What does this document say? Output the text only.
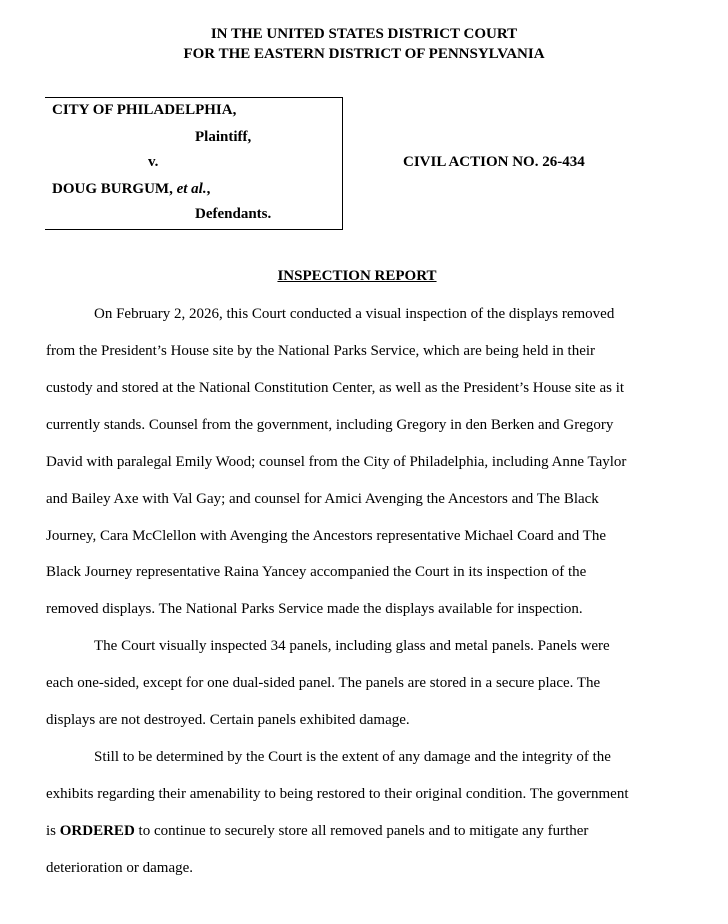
IN THE UNITED STATES DISTRICT COURT
FOR THE EASTERN DISTRICT OF PENNSYLVANIA
CITY OF PHILADELPHIA,
Plaintiff,
v.
DOUG BURGUM, et al.,
Defendants.
CIVIL ACTION NO. 26-434
INSPECTION REPORT
On February 2, 2026, this Court conducted a visual inspection of the displays removed
from the President’s House site by the National Parks Service, which are being held in their
custody and stored at the National Constitution Center, as well as the President’s House site as it
currently stands. Counsel from the government, including Gregory in den Berken and Gregory
David with paralegal Emily Wood; counsel from the City of Philadelphia, including Anne Taylor
and Bailey Axe with Val Gay; and counsel for Amici Avenging the Ancestors and The Black
Journey, Cara McClellon with Avenging the Ancestors representative Michael Coard and The
Black Journey representative Raina Yancey accompanied the Court in its inspection of the
removed displays. The National Parks Service made the displays available for inspection.
The Court visually inspected 34 panels, including glass and metal panels. Panels were
each one-sided, except for one dual-sided panel. The panels are stored in a secure place. The
displays are not destroyed. Certain panels exhibited damage.
Still to be determined by the Court is the extent of any damage and the integrity of the
exhibits regarding their amenability to being restored to their original condition. The government
is ORDERED to continue to securely store all removed panels and to mitigate any further
deterioration or damage.
